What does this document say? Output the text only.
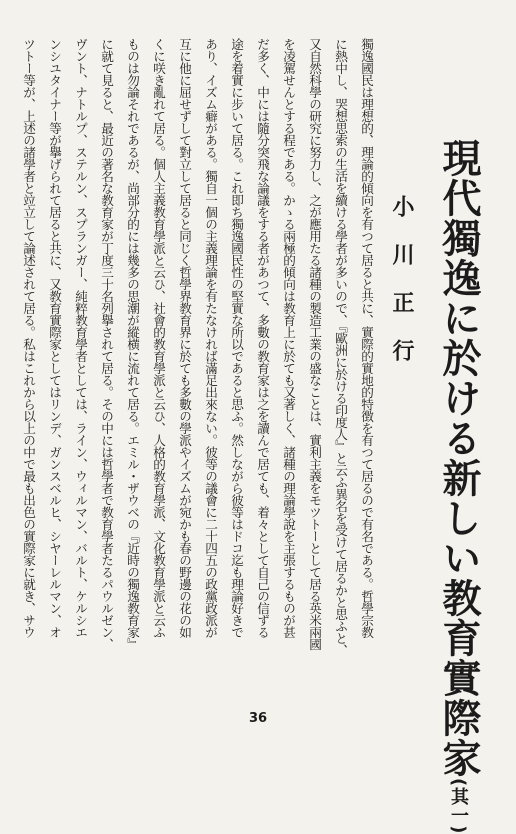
現代獨逸に於ける新しい教育實際家(其一)
小川正行
獨逸國民は理想的、理論的傾向を有つて居ると共に、實際的實地的特徴を有つて居るので有名である。哲學宗教
に熱中し、哭想思索の生活を續ける學者が多いので、『歐洲に於ける印度人』と云ふ異名を受けて居るかと思ふと、
又自然科學の研究に努力し、之が應用たる諸種の製造工業の盛なことは、實利主義をモツトーとして居る英米兩國
を凌駕せんとする程である。かゝる兩極的傾向は教育上に於ても又著しく、諸種の理論學說を主張するものが甚
だ多く、中には隨分突飛な論議をする者があつて、多數の教育家は之を讀んで居ても、着々として自己の信ずる
途を着實に步いて居る。これ即ち獨逸國民性の堅實な所以であると思ふ。然しながら彼等はドコ迄も理論好きで
あり、イズム癖がある。獨自一個の主義理論を有たなければ滿足出來ない。彼等の議會に二十四五の政黨政派が
互に他に屈せずして對立して居ると同じく哲學界教育界に於ても多數の學派やイズムが宛かも春の野邊の花の如
くに咲き亂れて居る。個人主義教育學派と云ひ、社會的教育學派と云ひ、人格的教育學派、文化教育學派と云ふ
ものは勿論それであるが、尚部分的には幾多の思潮が縱横に流れて居る。エミル・ザウベの『近時の獨逸教育家』
に就て見ると、最近の著名な教育家が丁度三十名列擧されて居る。その中には哲學者で教育學者たるパウルゼン、
ヴント、ナトルプ、ステルン、スプランガー、純粹教育學者としては、ライン、ウィルマン、バルト、ケルシエ
ンシユタイナー等が擧げられて居ると共に、又教育實際家としてはリンデ、ガンスベルヒ、シヤーレルマン、オ
ツトー等が、上述の諸學者と竝立して論述されて居る。私はこれから以上の中で最も出色の實際家に就き、サウ
36
